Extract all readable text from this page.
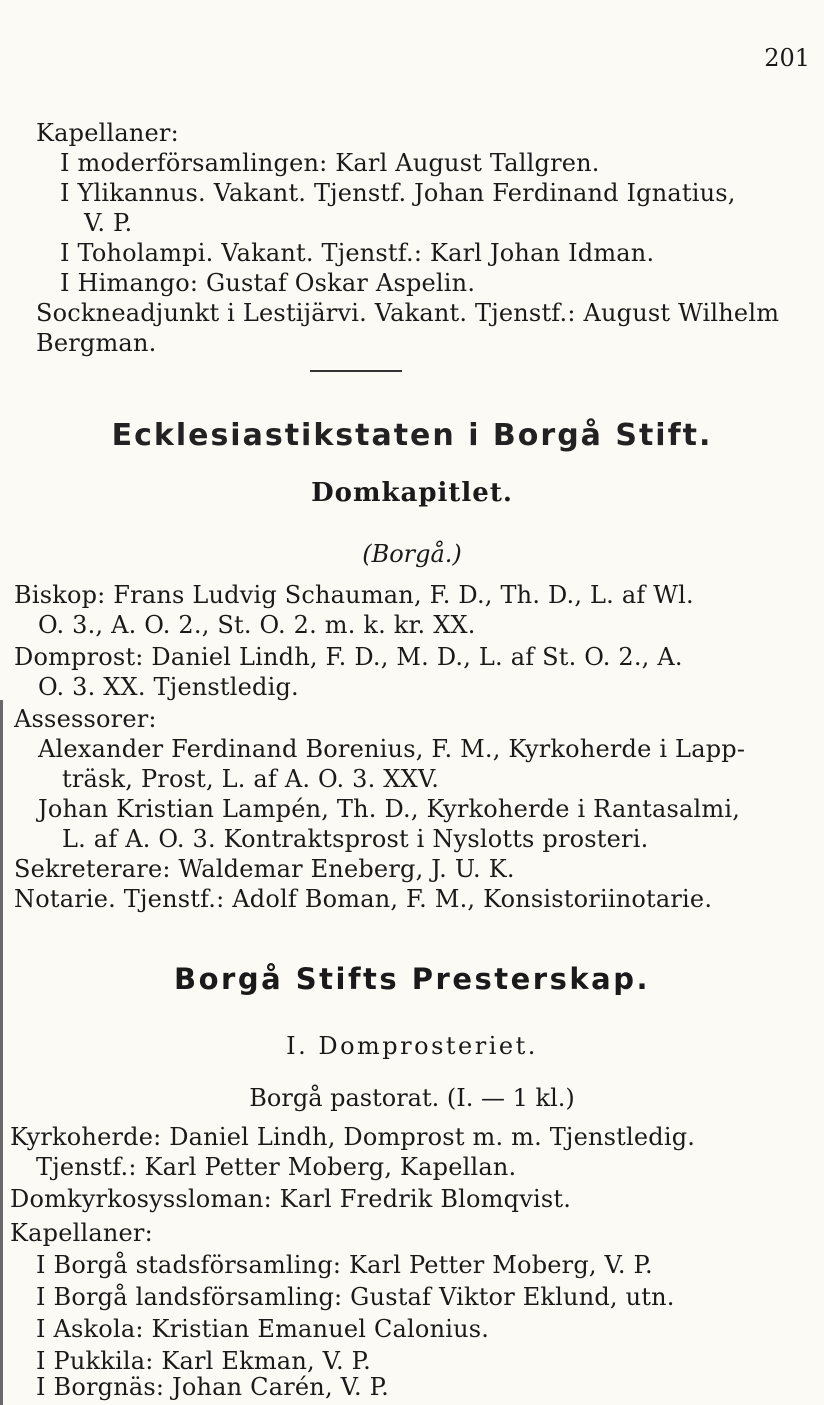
201
Kapellaner:
I moderförsamlingen: Karl August Tallgren.
I Ylikannus. Vakant. Tjenstf. Johan Ferdinand Ignatius,
V. P.
I Toholampi. Vakant. Tjenstf.: Karl Johan Idman.
I Himango: Gustaf Oskar Aspelin.
Sockneadjunkt i Lestijärvi. Vakant. Tjenstf.: August Wilhelm
Bergman.
Ecklesiastikstaten i Borgå Stift.
Domkapitlet.
(Borgå.)
Biskop: Frans Ludvig Schauman, F. D., Th. D., L. af Wl.
O. 3., A. O. 2., St. O. 2. m. k. kr. XX.
Domprost: Daniel Lindh, F. D., M. D., L. af St. O. 2., A.
O. 3. XX. Tjenstledig.
Assessorer:
Alexander Ferdinand Borenius, F. M., Kyrkoherde i Lapp-
träsk, Prost, L. af A. O. 3. XXV.
Johan Kristian Lampén, Th. D., Kyrkoherde i Rantasalmi,
L. af A. O. 3. Kontraktsprost i Nyslotts prosteri.
Sekreterare: Waldemar Eneberg, J. U. K.
Notarie. Tjenstf.: Adolf Boman, F. M., Konsistoriinotarie.
Borgå Stifts Presterskap.
I. Domprosteriet.
Borgå pastorat. (I. — 1 kl.)
Kyrkoherde: Daniel Lindh, Domprost m. m. Tjenstledig.
Tjenstf.: Karl Petter Moberg, Kapellan.
Domkyrkosyssloman: Karl Fredrik Blomqvist.
Kapellaner:
I Borgå stadsförsamling: Karl Petter Moberg, V. P.
I Borgå landsförsamling: Gustaf Viktor Eklund, utn.
I Askola: Kristian Emanuel Calonius.
I Pukkila: Karl Ekman, V. P.
I Borgnäs: Johan Carén, V. P.
